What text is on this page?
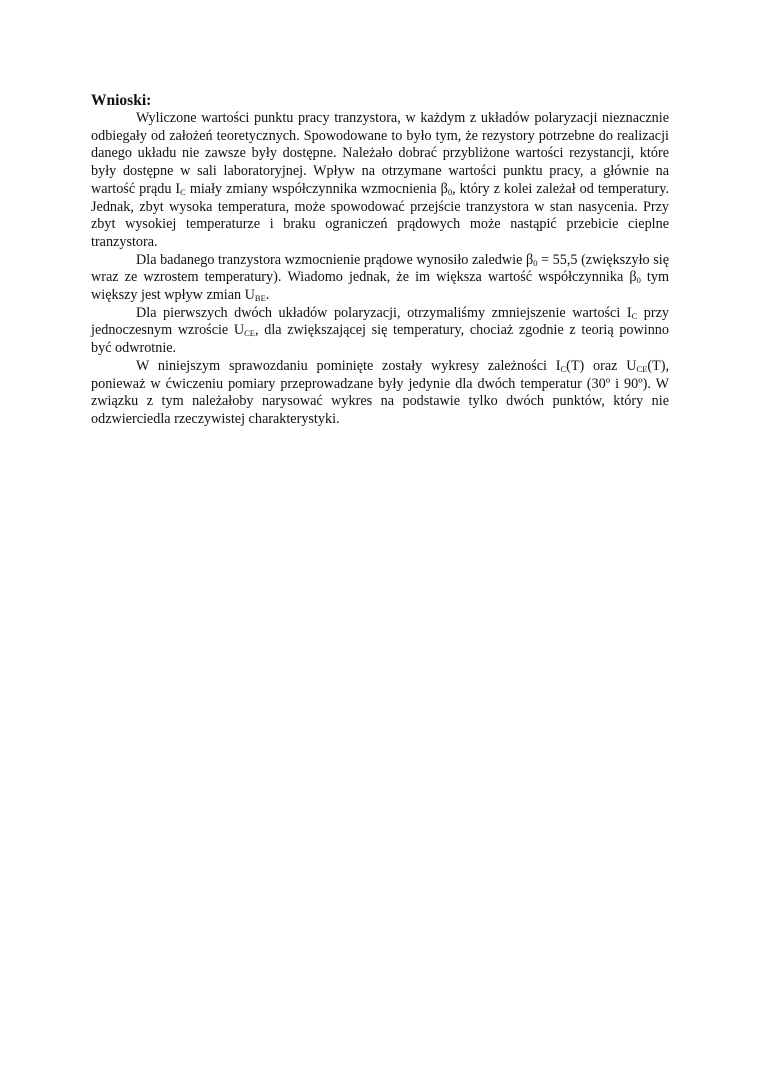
Wnioski:

Wyliczone wartości punktu pracy tranzystora, w każdym z układów polaryzacji nieznacznie odbiegały od założeń teoretycznych. Spowodowane to było tym, że rezystory potrzebne do realizacji danego układu nie zawsze były dostępne. Należało dobrać przybliżone wartości rezystancji, które były dostępne w sali laboratoryjnej. Wpływ na otrzymane wartości punktu pracy, a głównie na wartość prądu $I_C$ miały zmiany współczynnika wzmocnienia $\beta_0$, który z kolei zależał od temperatury. Jednak, zbyt wysoka temperatura, może spowodować przejście tranzystora w stan nasycenia. Przy zbyt wysokiej temperaturze i braku ograniczeń prądowych może nastąpić przebicie cieplne tranzystora.

Dla badanego tranzystora wzmocnienie prądowe wynosiło zaledwie $\beta_0 = 55,5$ (zwiększyło się wraz ze wzrostem temperatury). Wiadomo jednak, że im większa wartość współczynnika $\beta_0$ tym większy jest wpływ zmian $U_{BE}$.

Dla pierwszych dwóch układów polaryzacji, otrzymaliśmy zmniejszenie wartości $I_C$ przy jednoczesnym wzroście $U_{CE}$, dla zwiększającej się temperatury, chociaż zgodnie z teorią powinno być odwrotnie.

W niniejszym sprawozdaniu pominięte zostały wykresy zależności $I_C(T)$ oraz $U_{CE}(T)$, ponieważ w ćwiczeniu pomiary przeprowadzane były jedynie dla dwóch temperatur (30º i 90º). W związku z tym należałoby narysować wykres na podstawie tylko dwóch punktów, który nie odzwierciedla rzeczywistej charakterystyki.
